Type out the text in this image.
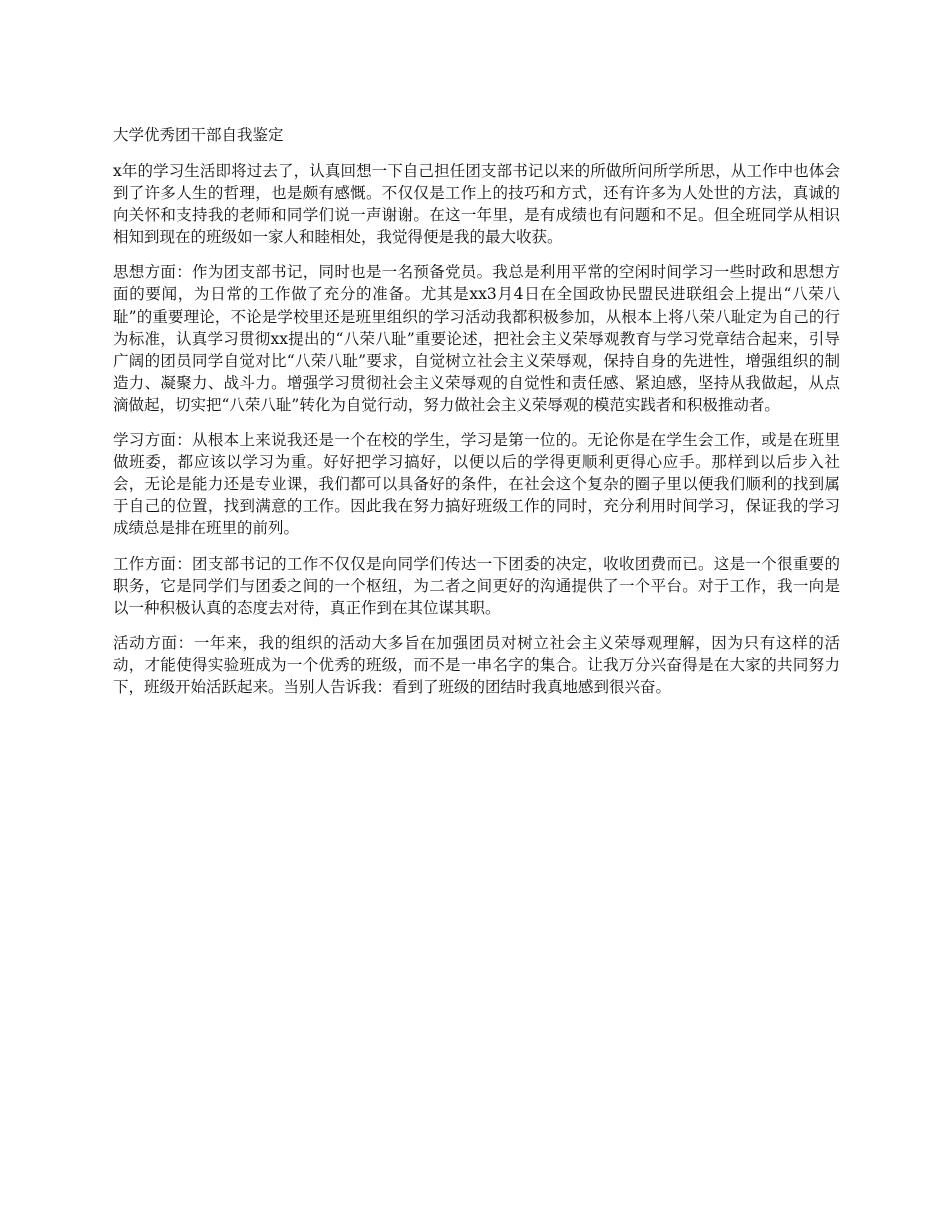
大学优秀团干部自我鉴定

x年的学习生活即将过去了，认真回想一下自己担任团支部书记以来的所做所问所学所思，从工作中也体会到了许多人生的哲理，也是颇有感慨。不仅仅是工作上的技巧和方式，还有许多为人处世的方法，真诚的向关怀和支持我的老师和同学们说一声谢谢。在这一年里，是有成绩也有问题和不足。但全班同学从相识相知到现在的班级如一家人和睦相处，我觉得便是我的最大收获。

思想方面：作为团支部书记，同时也是一名预备党员。我总是利用平常的空闲时间学习一些时政和思想方面的要闻，为日常的工作做了充分的准备。尤其是xx3月4日在全国政协民盟民进联组会上提出“八荣八耻”的重要理论，不论是学校里还是班里组织的学习活动我都积极参加，从根本上将八荣八耻定为自己的行为标准，认真学习贯彻xx提出的“八荣八耻”重要论述，把社会主义荣辱观教育与学习党章结合起来，引导广阔的团员同学自觉对比“八荣八耻”要求，自觉树立社会主义荣辱观，保持自身的先进性，增强组织的制造力、凝聚力、战斗力。增强学习贯彻社会主义荣辱观的自觉性和责任感、紧迫感，坚持从我做起，从点滴做起，切实把“八荣八耻”转化为自觉行动，努力做社会主义荣辱观的模范实践者和积极推动者。

学习方面：从根本上来说我还是一个在校的学生，学习是第一位的。无论你是在学生会工作，或是在班里做班委，都应该以学习为重。好好把学习搞好，以便以后的学得更顺利更得心应手。那样到以后步入社会，无论是能力还是专业课，我们都可以具备好的条件，在社会这个复杂的圈子里以便我们顺利的找到属于自己的位置，找到满意的工作。因此我在努力搞好班级工作的同时，充分利用时间学习，保证我的学习成绩总是排在班里的前列。

工作方面：团支部书记的工作不仅仅是向同学们传达一下团委的决定，收收团费而已。这是一个很重要的职务，它是同学们与团委之间的一个枢纽，为二者之间更好的沟通提供了一个平台。对于工作，我一向是以一种积极认真的态度去对待，真正作到在其位谋其职。

活动方面：一年来，我的组织的活动大多旨在加强团员对树立社会主义荣辱观理解，因为只有这样的活动，才能使得实验班成为一个优秀的班级，而不是一串名字的集合。让我万分兴奋得是在大家的共同努力下，班级开始活跃起来。当别人告诉我：看到了班级的团结时我真地感到很兴奋。
